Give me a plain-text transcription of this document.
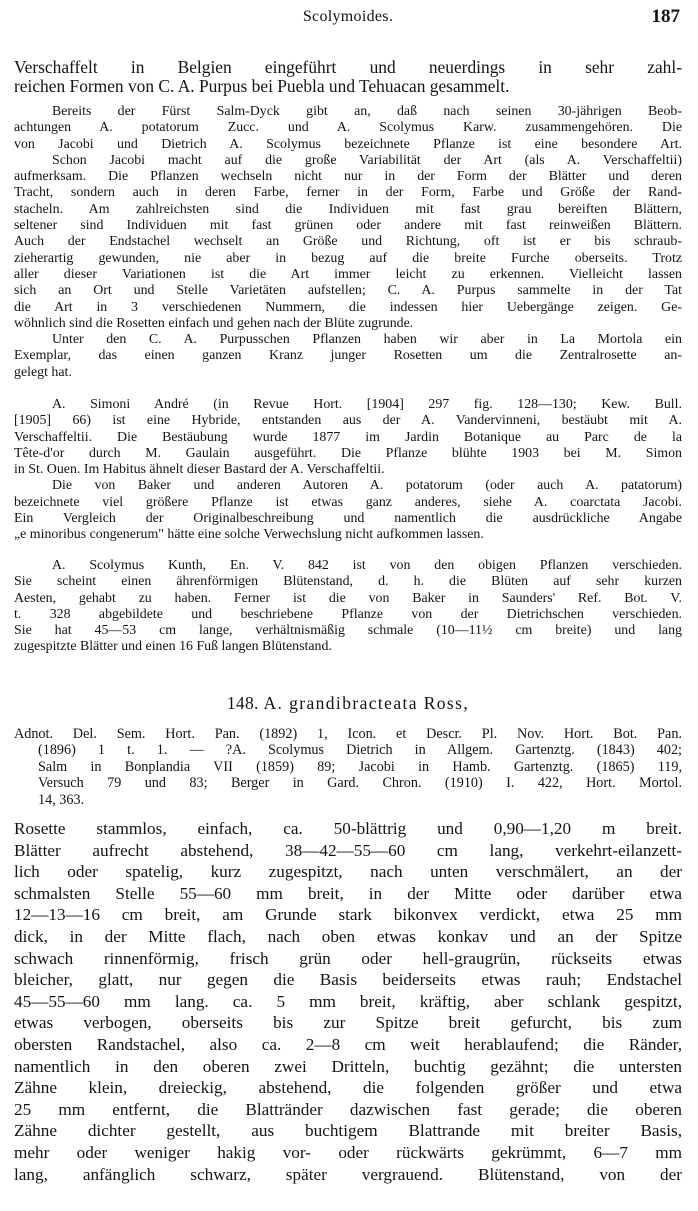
Scolymoides.	187
Verschaffelt in Belgien eingeführt und neuerdings in sehr zahl-
reichen Formen von C. A. Purpus bei Puebla und Tehuacan gesammelt.
Bereits der Fürst Salm-Dyck gibt an, daß nach seinen 30-jährigen Beob-
achtungen A. potatorum Zucc. und A. Scolymus Karw. zusammengehören. Die
von Jacobi und Dietrich A. Scolymus bezeichnete Pflanze ist eine besondere Art.
Schon Jacobi macht auf die große Variabilität der Art (als A. Verschaffeltii)
aufmerksam. Die Pflanzen wechseln nicht nur in der Form der Blätter und deren
Tracht, sondern auch in deren Farbe, ferner in der Form, Farbe und Größe der Rand-
stacheln. Am zahlreichsten sind die Individuen mit fast grau bereiften Blättern,
seltener sind Individuen mit fast grünen oder andere mit fast reinweißen Blättern.
Auch der Endstachel wechselt an Größe und Richtung, oft ist er bis schraub-
zieherartig gewunden, nie aber in bezug auf die breite Furche oberseits. Trotz
aller dieser Variationen ist die Art immer leicht zu erkennen. Vielleicht lassen
sich an Ort und Stelle Varietäten aufstellen; C. A. Purpus sammelte in der Tat
die Art in 3 verschiedenen Nummern, die indessen hier Uebergänge zeigen. Ge-
wöhnlich sind die Rosetten einfach und gehen nach der Blüte zugrunde.
Unter den C. A. Purpusschen Pflanzen haben wir aber in La Mortola ein
Exemplar, das einen ganzen Kranz junger Rosetten um die Zentralrosette an-
gelegt hat.
A. Simoni André (in Revue Hort. [1904] 297 fig. 128—130; Kew. Bull.
[1905] 66) ist eine Hybride, entstanden aus der A. Vandervinneni, bestäubt mit A.
Verschaffeltii. Die Bestäubung wurde 1877 im Jardin Botanique au Parc de la
Tête-d'or durch M. Gaulain ausgeführt. Die Pflanze blühte 1903 bei M. Simon
in St. Ouen. Im Habitus ähnelt dieser Bastard der A. Verschaffeltii.
Die von Baker und anderen Autoren A. potatorum (oder auch A. patatorum)
bezeichnete viel größere Pflanze ist etwas ganz anderes, siehe A. coarctata Jacobi.
Ein Vergleich der Originalbeschreibung und namentlich die ausdrückliche Angabe
„e minoribus congenerum" hätte eine solche Verwechslung nicht aufkommen lassen.
A. Scolymus Kunth, En. V. 842 ist von den obigen Pflanzen verschieden.
Sie scheint einen ährenförmigen Blütenstand, d. h. die Blüten auf sehr kurzen
Aesten, gehabt zu haben. Ferner ist die von Baker in Saunders' Ref. Bot. V.
t. 328 abgebildete und beschriebene Pflanze von der Dietrichschen verschieden.
Sie hat 45—53 cm lange, verhältnismäßig schmale (10—11½ cm breite) und lang
zugespitzte Blätter und einen 16 Fuß langen Blütenstand.
148. A. grandibracteata Ross,
Adnot. Del. Sem. Hort. Pan. (1892) 1, Icon. et Descr. Pl. Nov. Hort. Bot. Pan.
(1896) 1 t. 1. — ?A. Scolymus Dietrich in Allgem. Gartenztg. (1843) 402;
Salm in Bonplandia VII (1859) 89; Jacobi in Hamb. Gartenztg. (1865) 119,
Versuch 79 und 83; Berger in Gard. Chron. (1910) I. 422, Hort. Mortol.
14, 363.
Rosette stammlos, einfach, ca. 50-blättrig und 0,90—1,20 m breit.
Blätter aufrecht abstehend, 38—42—55—60 cm lang, verkehrt-eilanzett-
lich oder spatelig, kurz zugespitzt, nach unten verschmälert, an der
schmalsten Stelle 55—60 mm breit, in der Mitte oder darüber etwa
12—13—16 cm breit, am Grunde stark bikonvex verdickt, etwa 25 mm
dick, in der Mitte flach, nach oben etwas konkav und an der Spitze
schwach rinnenförmig, frisch grün oder hell-graugrün, rückseits etwas
bleicher, glatt, nur gegen die Basis beiderseits etwas rauh; Endstachel
45—55—60 mm lang. ca. 5 mm breit, kräftig, aber schlank gespitzt,
etwas verbogen, oberseits bis zur Spitze breit gefurcht, bis zum
obersten Randstachel, also ca. 2—8 cm weit herablaufend; die Ränder,
namentlich in den oberen zwei Dritteln, buchtig gezähnt; die untersten
Zähne klein, dreieckig, abstehend, die folgenden größer und etwa
25 mm entfernt, die Blattränder dazwischen fast gerade; die oberen
Zähne dichter gestellt, aus buchtigem Blattrande mit breiter Basis,
mehr oder weniger hakig vor- oder rückwärts gekrümmt, 6—7 mm
lang, anfänglich schwarz, später vergrauend. Blütenstand, von der
